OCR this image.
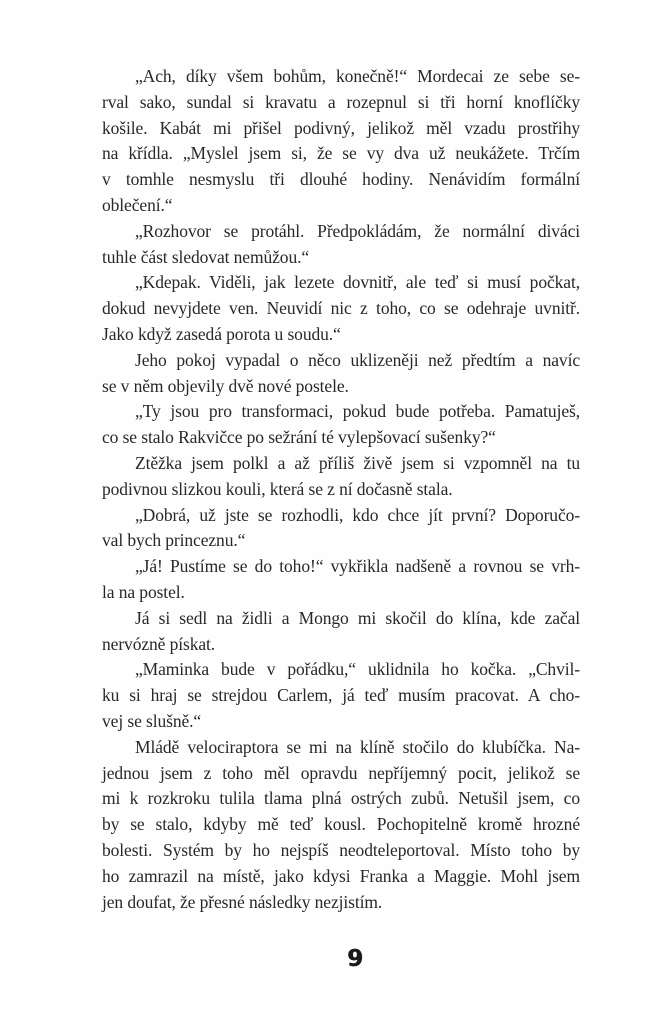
„Ach, díky všem bohům, konečně!“ Mordecai ze sebe se-
rval sako, sundal si kravatu a rozepnul si tři horní knoflíčky
košile. Kabát mi přišel podivný, jelikož měl vzadu prostřihy
na křídla. „Myslel jsem si, že se vy dva už neukážete. Trčím
v tomhle nesmyslu tři dlouhé hodiny. Nenávidím formální
oblečení.“
„Rozhovor se protáhl. Předpokládám, že normální diváci
tuhle část sledovat nemůžou.“
„Kdepak. Viděli, jak lezete dovnitř, ale teď si musí počkat,
dokud nevyjdete ven. Neuvidí nic z toho, co se odehraje uvnitř.
Jako když zasedá porota u soudu.“
Jeho pokoj vypadal o něco uklizeněji než předtím a navíc
se v něm objevily dvě nové postele.
„Ty jsou pro transformaci, pokud bude potřeba. Pamatuješ,
co se stalo Rakvičce po sežrání té vylepšovací sušenky?“
Ztěžka jsem polkl a až příliš živě jsem si vzpomněl na tu
podivnou slizkou kouli, která se z ní dočasně stala.
„Dobrá, už jste se rozhodli, kdo chce jít první? Doporučo-
val bych princeznu.“
„Já! Pustíme se do toho!“ vykřikla nadšeně a rovnou se vrh-
la na postel.
Já si sedl na židli a Mongo mi skočil do klína, kde začal
nervózně pískat.
„Maminka bude v pořádku,“ uklidnila ho kočka. „Chvil-
ku si hraj se strejdou Carlem, já teď musím pracovat. A cho-
vej se slušně.“
Mládě velociraptora se mi na klíně stočilo do klubíčka. Na-
jednou jsem z toho měl opravdu nepříjemný pocit, jelikož se
mi k rozkroku tulila tlama plná ostrých zubů. Netušil jsem, co
by se stalo, kdyby mě teď kousl. Pochopitelně kromě hrozné
bolesti. Systém by ho nejspíš neodteleportoval. Místo toho by
ho zamrazil na místě, jako kdysi Franka a Maggie. Mohl jsem
jen doufat, že přesné následky nezjistím.
9
